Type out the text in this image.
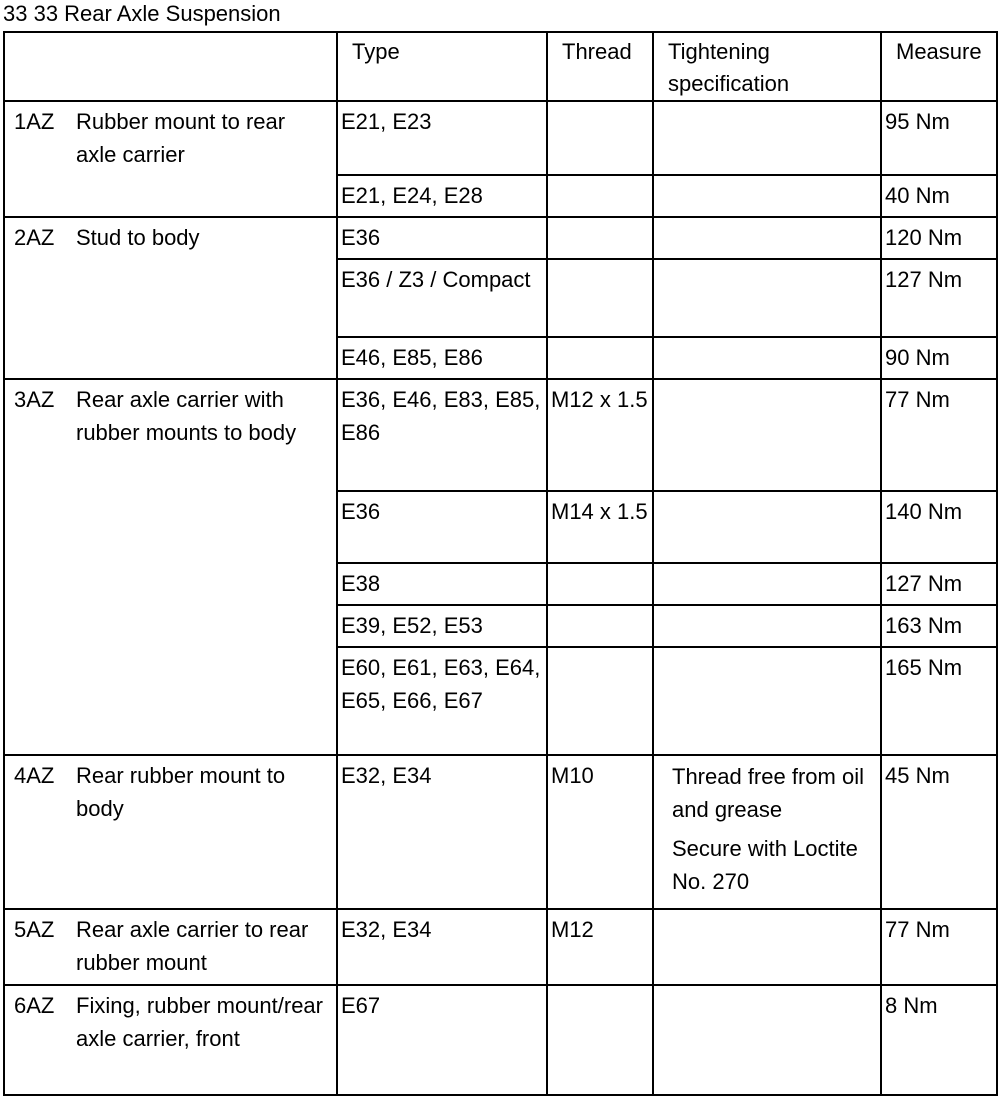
33 33 Rear Axle Suspension

	Type	Thread	Tightening specification	Measure

1AZ Rubber mount to rear axle carrier	E21, E23			95 Nm

	E21, E24, E28			40 Nm

2AZ Stud to body	E36			120 Nm

	E36 / Z3 / Compact			127 Nm

	E46, E85, E86			90 Nm

3AZ Rear axle carrier with rubber mounts to body	E36, E46, E83, E85, E86	M12 x 1.5		77 Nm

	E36	M14 x 1.5		140 Nm

	E38			127 Nm

	E39, E52, E53			163 Nm

	E60, E61, E63, E64, E65, E66, E67			165 Nm

4AZ Rear rubber mount to body	E32, E34	M10	Thread free from oil and grease
Secure with Loctite No. 270	45 Nm

5AZ Rear axle carrier to rear rubber mount	E32, E34	M12		77 Nm

6AZ Fixing, rubber mount/rear axle carrier, front	E67			8 Nm
